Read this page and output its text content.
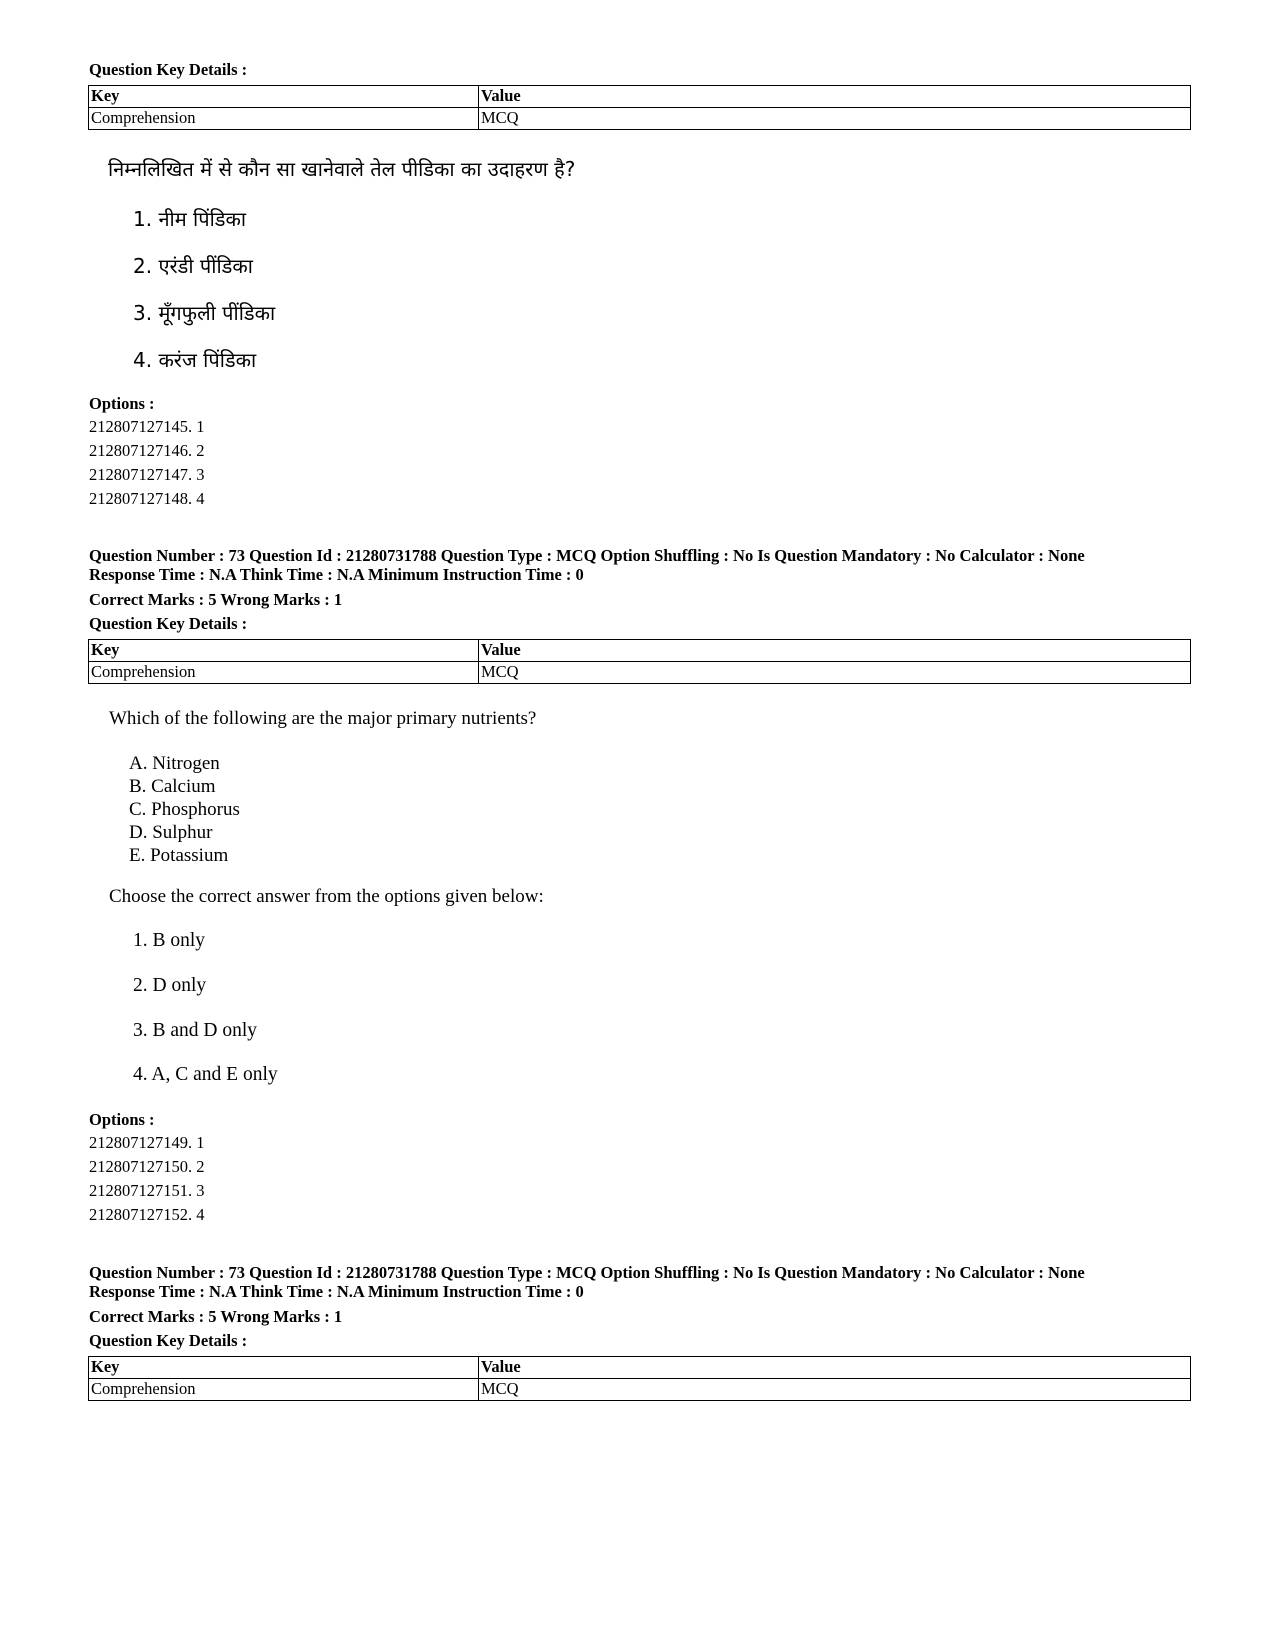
Question Key Details :
Key	Value
Comprehension	MCQ
निम्नलिखित में से कौन सा खानेवाले तेल पीडिका का उदाहरण है?
1. नीम पिंडिका
2. एरंडी पींडिका
3. मूँगफुली पींडिका
4. करंज पिंडिका
Options :
212807127145. 1
212807127146. 2
212807127147. 3
212807127148. 4
Question Number : 73 Question Id : 21280731788 Question Type : MCQ Option Shuffling : No Is Question Mandatory : No Calculator : None
Response Time : N.A Think Time : N.A Minimum Instruction Time : 0
Correct Marks : 5 Wrong Marks : 1
Question Key Details :
Key	Value
Comprehension	MCQ
Which of the following are the major primary nutrients?

A. Nitrogen

B. Calcium

C. Phosphorus

D. Sulphur

E. Potassium

Choose the correct answer from the options given below:
1. B only
2. D only
3. B and D only
4. A, C and E only
Options :
212807127149. 1
212807127150. 2
212807127151. 3
212807127152. 4
Question Number : 73 Question Id : 21280731788 Question Type : MCQ Option Shuffling : No Is Question Mandatory : No Calculator : None
Response Time : N.A Think Time : N.A Minimum Instruction Time : 0
Correct Marks : 5 Wrong Marks : 1
Question Key Details :
Key	Value
Comprehension	MCQ
